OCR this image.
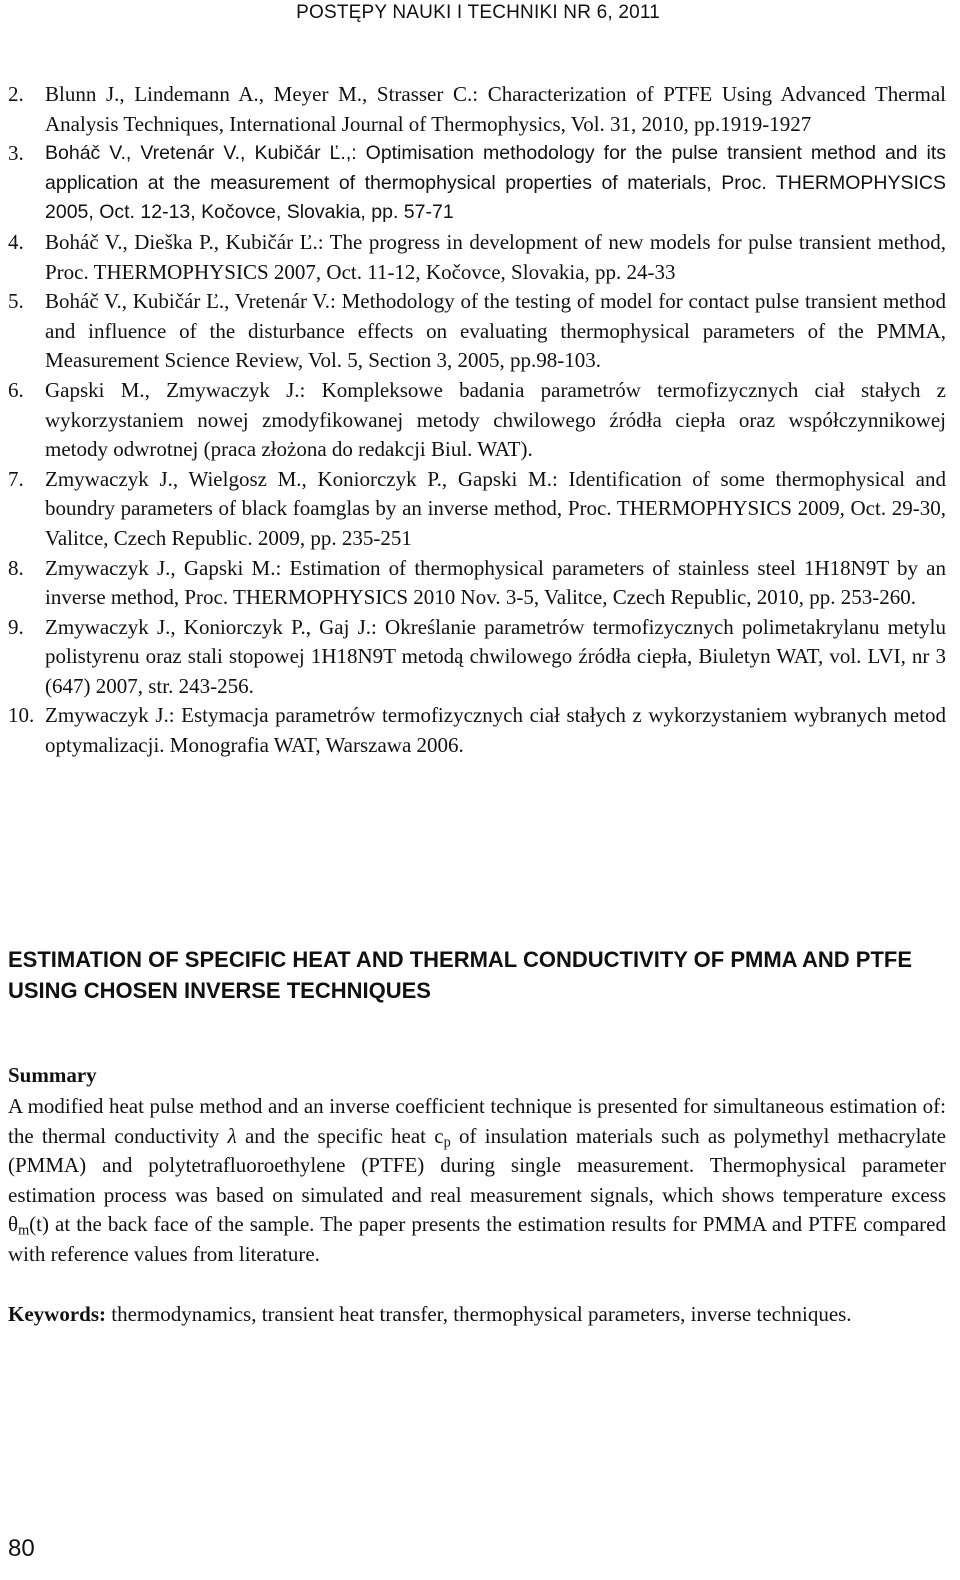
POSTĘPY NAUKI I TECHNIKI NR 6, 2011
2.	Blunn J., Lindemann A., Meyer M., Strasser C.: Characterization of PTFE Using Advanced Thermal Analysis Techniques, International Journal of Thermophysics, Vol. 31, 2010, pp.1919-1927
3.	Boháč V., Vretenár V., Kubičár Ľ.,: Optimisation methodology for the pulse transient method and its application at the measurement of thermophysical properties of materials, Proc. THERMOPHYSICS 2005, Oct. 12-13, Kočovce, Slovakia, pp. 57-71
4.	Boháč V., Dieška P., Kubičár Ľ.: The progress in development of new models for pulse transient method, Proc. THERMOPHYSICS 2007, Oct. 11-12, Kočovce, Slovakia, pp. 24-33
5.	Boháč V., Kubičár Ľ., Vretenár V.: Methodology of the testing of model for contact pulse transient method and influence of the disturbance effects on evaluating thermophysical parameters of the PMMA, Measurement Science Review, Vol. 5, Section 3, 2005, pp.98-103.
6.	Gapski M., Zmywaczyk J.: Kompleksowe badania parametrów termofizycznych ciał stałych z wykorzystaniem nowej zmodyfikowanej metody chwilowego źródła ciepła oraz współczynnikowej metody odwrotnej (praca złożona do redakcji Biul. WAT).
7.	Zmywaczyk J., Wielgosz M., Koniorczyk P., Gapski M.: Identification of some thermophysical and boundry parameters of black foamglas by an inverse method, Proc. THERMOPHYSICS 2009, Oct. 29-30, Valitce, Czech Republic. 2009, pp. 235-251
8.	Zmywaczyk J., Gapski M.: Estimation of thermophysical parameters of stainless steel 1H18N9T by an inverse method, Proc. THERMOPHYSICS 2010 Nov. 3-5, Valitce, Czech Republic, 2010, pp. 253-260.
9.	Zmywaczyk J., Koniorczyk P., Gaj J.: Określanie parametrów termofizycznych polimetakrylanu metylu polistyrenu oraz stali stopowej 1H18N9T metodą chwilowego źródła ciepła, Biuletyn WAT, vol. LVI, nr 3 (647) 2007, str. 243-256.
10. Zmywaczyk J.: Estymacja parametrów termofizycznych ciał stałych z wykorzystaniem wybranych metod optymalizacji. Monografia WAT, Warszawa 2006.
ESTIMATION OF SPECIFIC HEAT AND THERMAL CONDUCTIVITY OF PMMA AND PTFE USING CHOSEN INVERSE TECHNIQUES
Summary

A modified heat pulse method and an inverse coefficient technique is presented for simultaneous estimation of: the thermal conductivity λ and the specific heat $c_p$ of insulation materials such as polymethyl methacrylate (PMMA) and polytetrafluoroethylene (PTFE) during single measurement. Thermophysical parameter estimation process was based on simulated and real measurement signals, which shows temperature excess $\theta_m(t)$ at the back face of the sample. The paper presents the estimation results for PMMA and PTFE compared with reference values from literature.

Keywords: thermodynamics, transient heat transfer, thermophysical parameters, inverse techniques.

80
